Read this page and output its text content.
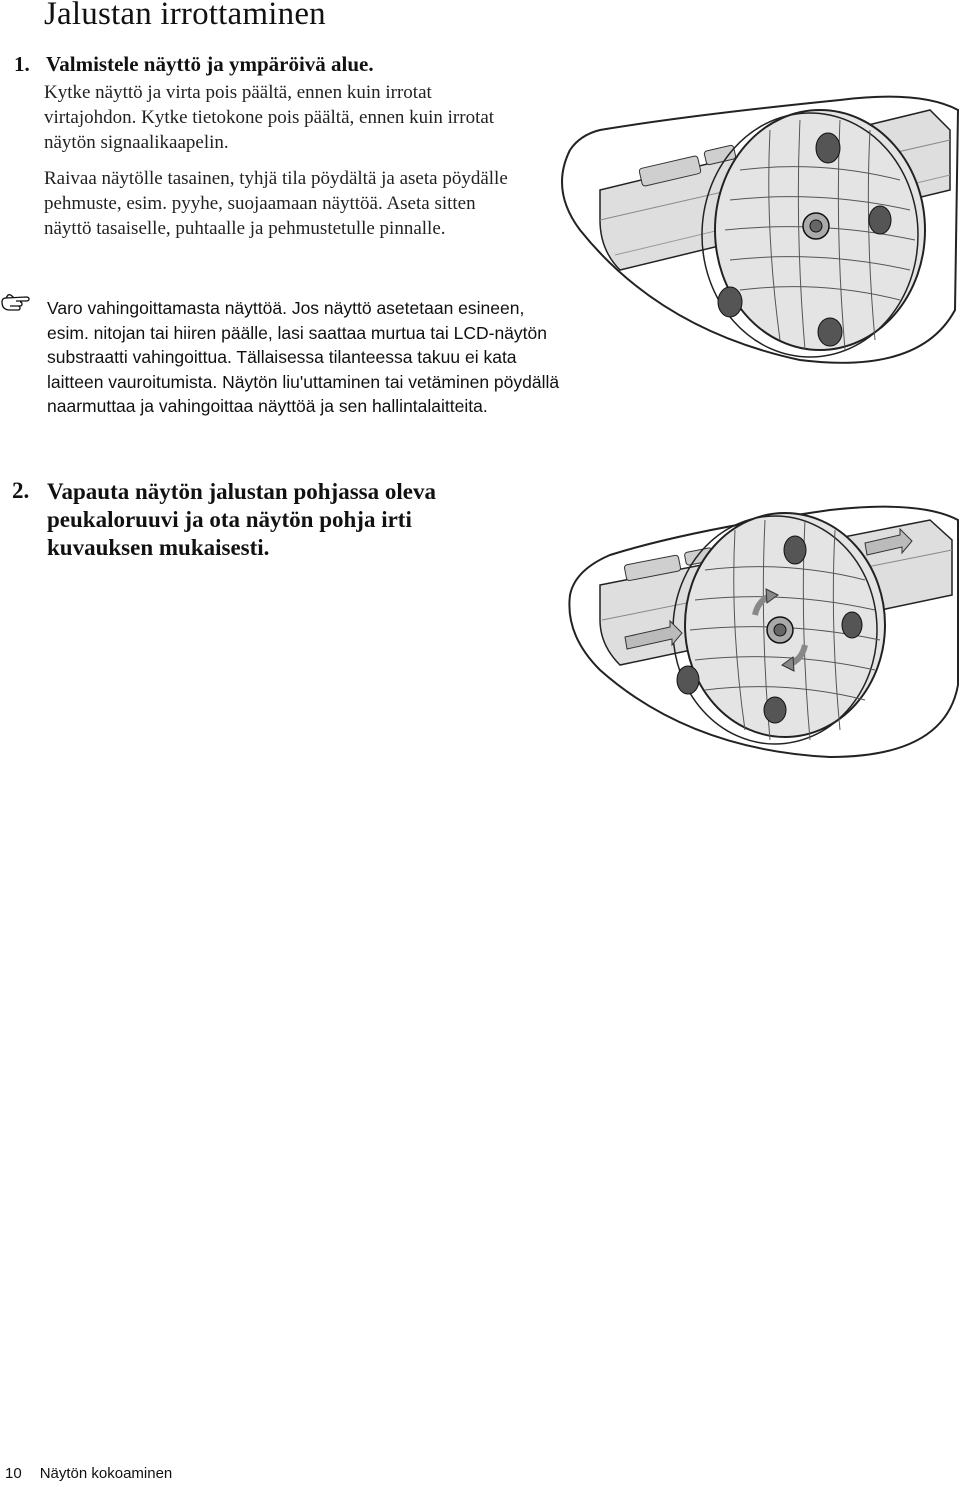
Jalustan irrottaminen
1. Valmistele näyttö ja ympäröivä alue.

Kytke näyttö ja virta pois päältä, ennen kuin irrotat virtajohdon. Kytke tietokone pois päältä, ennen kuin irrotat näytön signaalikaapelin.

Raivaa näytölle tasainen, tyhjä tila pöydältä ja aseta pöydälle pehmuste, esim. pyyhe, suojaamaan näyttöä. Aseta sitten näyttö tasaiselle, puhtaalle ja pehmustetulle pinnalle.

Varo vahingoittamasta näyttöä. Jos näyttö asetetaan esineen, esim. nitojan tai hiiren päälle, lasi saattaa murtua tai LCD-näytön substraatti vahingoittua. Tällaisessa tilanteessa takuu ei kata laitteen vauroitumista. Näytön liu'uttaminen tai vetäminen pöydällä naarmuttaa ja vahingoittaa näyttöä ja sen hallintalaitteita.

2. Vapauta näytön jalustan pohjassa oleva peukaloruuvi ja ota näytön pohja irti kuvauksen mukaisesti.
10 Näytön kokoaminen
